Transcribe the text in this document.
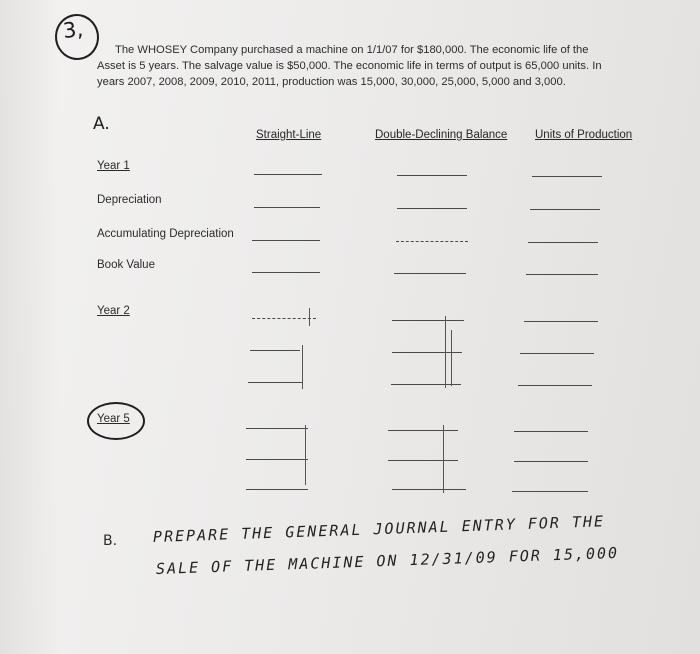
3,
The WHOSEY Company purchased a machine on 1/1/07 for $180,000. The economic life of the
Asset is 5 years. The salvage value is $50,000. The economic life in terms of output is 65,000 units. In
years 2007, 2008, 2009, 2010, 2011, production was 15,000, 30,000, 25,000, 5,000 and 3,000.
A.
Straight-Line	Double-Declining Balance Units of Production
Year 1
Depreciation
Accumulating Depreciation
Book Value
Year 2
Year 5
B. PREPARE THE GENERAL JOURNAL ENTRY FOR THE
SALE OF THE MACHINE ON 12/31/09 FOR 15,000
